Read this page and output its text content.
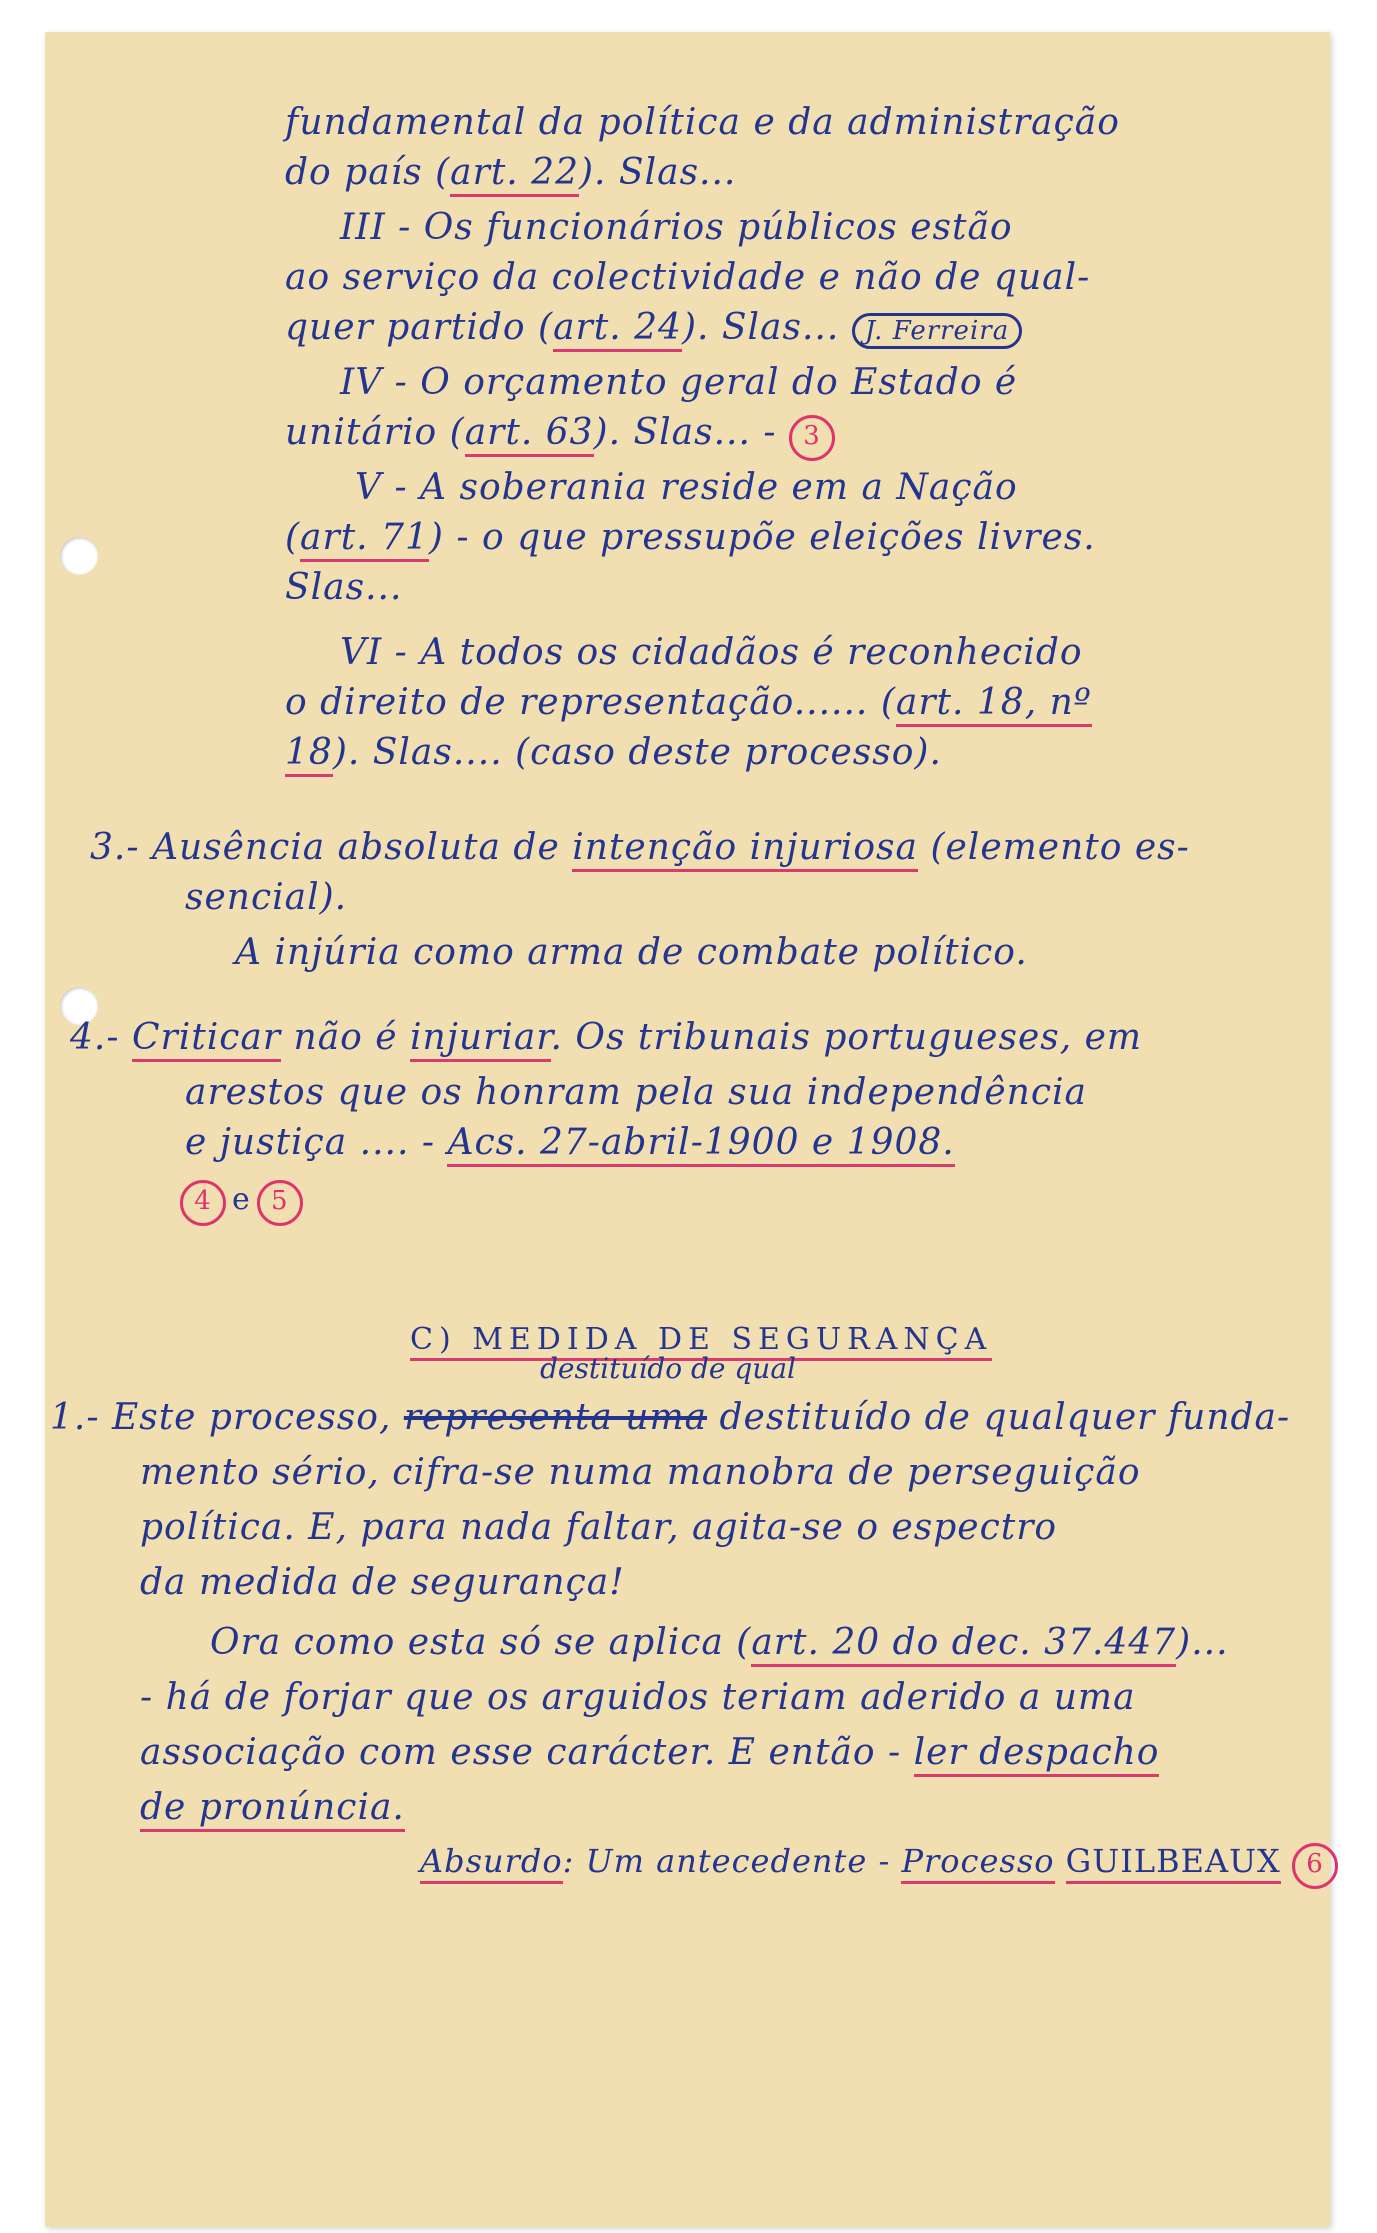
fundamental da política e da administração
do país (art. 22). Slas...
III - Os funcionários públicos estão
ao serviço da colectividade e não de qual-
quer partido (art. 24). Slas... J. Ferreira
IV - O orçamento geral do Estado é
unitário (art. 63). Slas... - 3
V - A soberania reside em a Nação
(art. 71) - o que pressupõe eleições livres.
Slas...
VI - A todos os cidadãos é reconhecido
o direito de representação...... (art. 18, nº
18). Slas.... (caso deste processo).
3.- Ausência absoluta de intenção injuriosa (elemento es-
sencial).
A injúria como arma de combate político.
4.- Criticar não é injuriar. Os tribunais portugueses, em
arestos que os honram pela sua independência
e justiça .... - Acs. 27-abril-1900 e 1908.
4 e 5
C) MEDIDA DE SEGURANÇA
destituído de qual
1.- Este processo, representa uma destituído de qualquer funda-
mento sério, cifra-se numa manobra de perseguição
política. E, para nada faltar, agita-se o espectro
da medida de segurança!
Ora como esta só se aplica (art. 20 do dec. 37.447)...
- há de forjar que os arguidos teriam aderido a uma
associação com esse carácter. E então - ler despacho
de pronúncia.
Absurdo: Um antecedente - Processo GUILBEAUX 6
